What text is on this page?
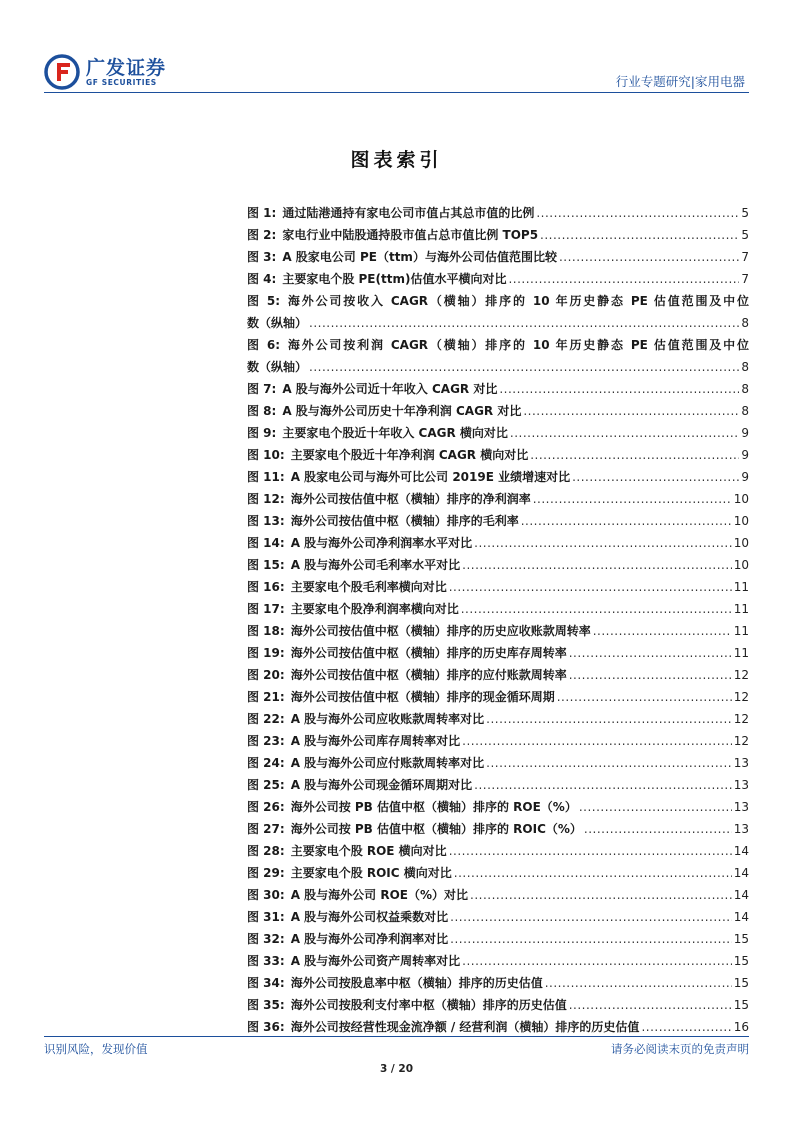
广发证券
GF SECURITIES	行业专题研究|家用电器
图表索引
图 1: 通过陆港通持有家电公司市值占其总市值的比例 .....	5
图 2: 家电行业中陆股通持股市值占总市值比例 TOP5 .....	5
图 3: A 股家电公司 PE（ttm）与海外公司估值范围比较 .....	7
图 4: 主要家电个股 PE(ttm)估值水平横向对比 .....	7
图 5: 海外公司按收入 CAGR（横轴）排序的 10 年历史静态 PE 估值范围及中位
数（纵轴） .....	8
图 6: 海外公司按利润 CAGR（横轴）排序的 10 年历史静态 PE 估值范围及中位
数（纵轴） .....	8
图 7: A 股与海外公司近十年收入 CAGR 对比 .....	8
图 8: A 股与海外公司历史十年净利润 CAGR 对比 .....	8
图 9: 主要家电个股近十年收入 CAGR 横向对比 .....	9
图 10: 主要家电个股近十年净利润 CAGR 横向对比 .....	9
图 11: A 股家电公司与海外可比公司 2019E 业绩增速对比 .....	9
图 12: 海外公司按估值中枢（横轴）排序的净利润率 .....	10
图 13: 海外公司按估值中枢（横轴）排序的毛利率 .....	10
图 14: A 股与海外公司净利润率水平对比 .....	10
图 15: A 股与海外公司毛利率水平对比 .....	10
图 16: 主要家电个股毛利率横向对比 .....	11
图 17: 主要家电个股净利润率横向对比 .....	11
图 18: 海外公司按估值中枢（横轴）排序的历史应收账款周转率 .....	11
图 19: 海外公司按估值中枢（横轴）排序的历史库存周转率 .....	11
图 20: 海外公司按估值中枢（横轴）排序的应付账款周转率 .....	12
图 21: 海外公司按估值中枢（横轴）排序的现金循环周期 .....	12
图 22: A 股与海外公司应收账款周转率对比 .....	12
图 23: A 股与海外公司库存周转率对比 .....	12
图 24: A 股与海外公司应付账款周转率对比 .....	13
图 25: A 股与海外公司现金循环周期对比 .....	13
图 26: 海外公司按 PB 估值中枢（横轴）排序的 ROE（%） .....	13
图 27: 海外公司按 PB 估值中枢（横轴）排序的 ROIC（%） .....	13
图 28: 主要家电个股 ROE 横向对比 .....	14
图 29: 主要家电个股 ROIC 横向对比 .....	14
图 30: A 股与海外公司 ROE（%）对比 .....	14
图 31: A 股与海外公司权益乘数对比 .....	14
图 32: A 股与海外公司净利润率对比 .....	15
图 33: A 股与海外公司资产周转率对比 .....	15
图 34: 海外公司按股息率中枢（横轴）排序的历史估值 .....	15
图 35: 海外公司按股利支付率中枢（横轴）排序的历史估值 .....	15
图 36: 海外公司按经营性现金流净额 / 经营利润（横轴）排序的历史估值 .....	16
识别风险，发现价值	请务必阅读末页的免责声明
3 / 20
